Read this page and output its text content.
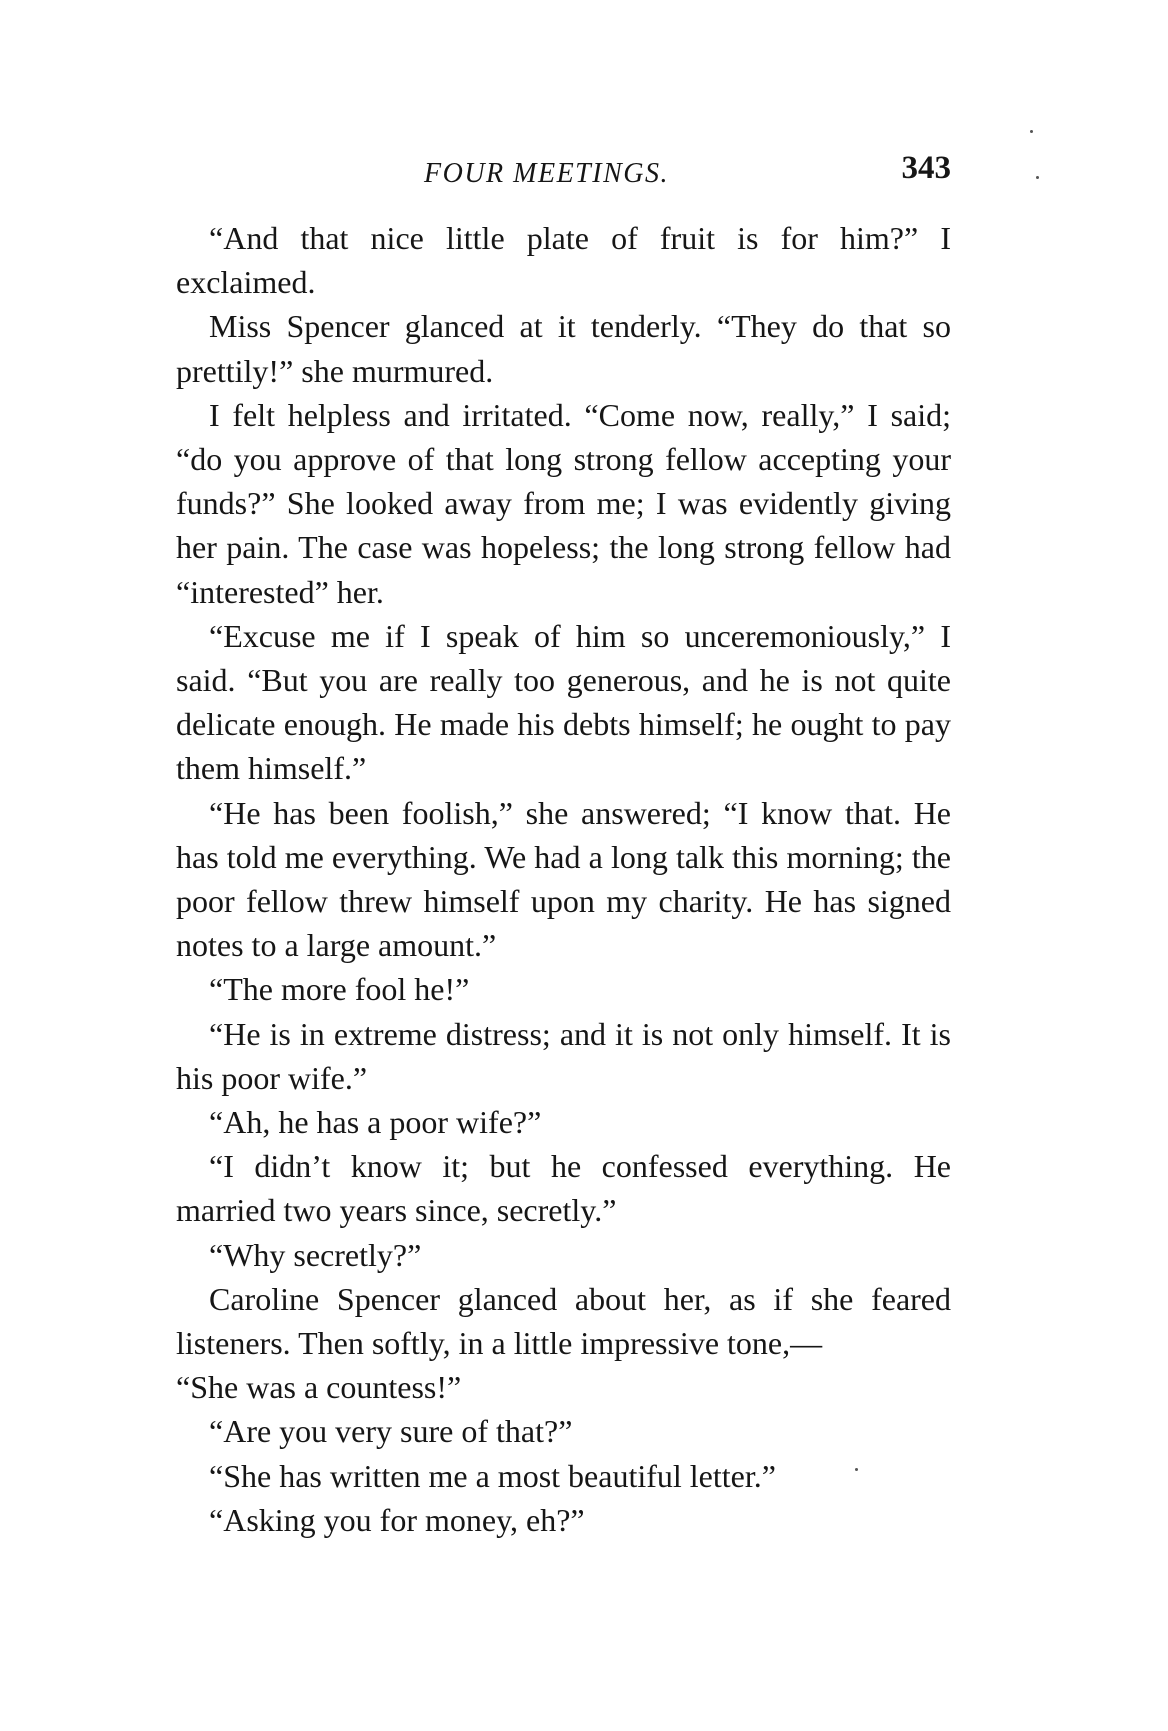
FOUR MEETINGS.	343

“And that nice little plate of fruit is for him?” I exclaimed.

Miss Spencer glanced at it tenderly. “They do that so prettily!” she murmured.

I felt helpless and irritated. “Come now, really,” I said; “do you approve of that long strong fellow accepting your funds?” She looked away from me; I was evidently giving her pain. The case was hopeless; the long strong fellow had “interested” her.

“Excuse me if I speak of him so unceremoniously,” I said. “But you are really too generous, and he is not quite delicate enough. He made his debts himself; he ought to pay them himself.”

“He has been foolish,” she answered; “I know that. He has told me everything. We had a long talk this morning; the poor fellow threw himself upon my charity. He has signed notes to a large amount.”

“The more fool he!”

“He is in extreme distress; and it is not only himself. It is his poor wife.”

“Ah, he has a poor wife?”

“I didn’t know it; but he confessed everything. He married two years since, secretly.”

“Why secretly?”

Caroline Spencer glanced about her, as if she feared listeners. Then softly, in a little impressive tone,—

“She was a countess!”

“Are you very sure of that?”

“She has written me a most beautiful letter.”

“Asking you for money, eh?”
